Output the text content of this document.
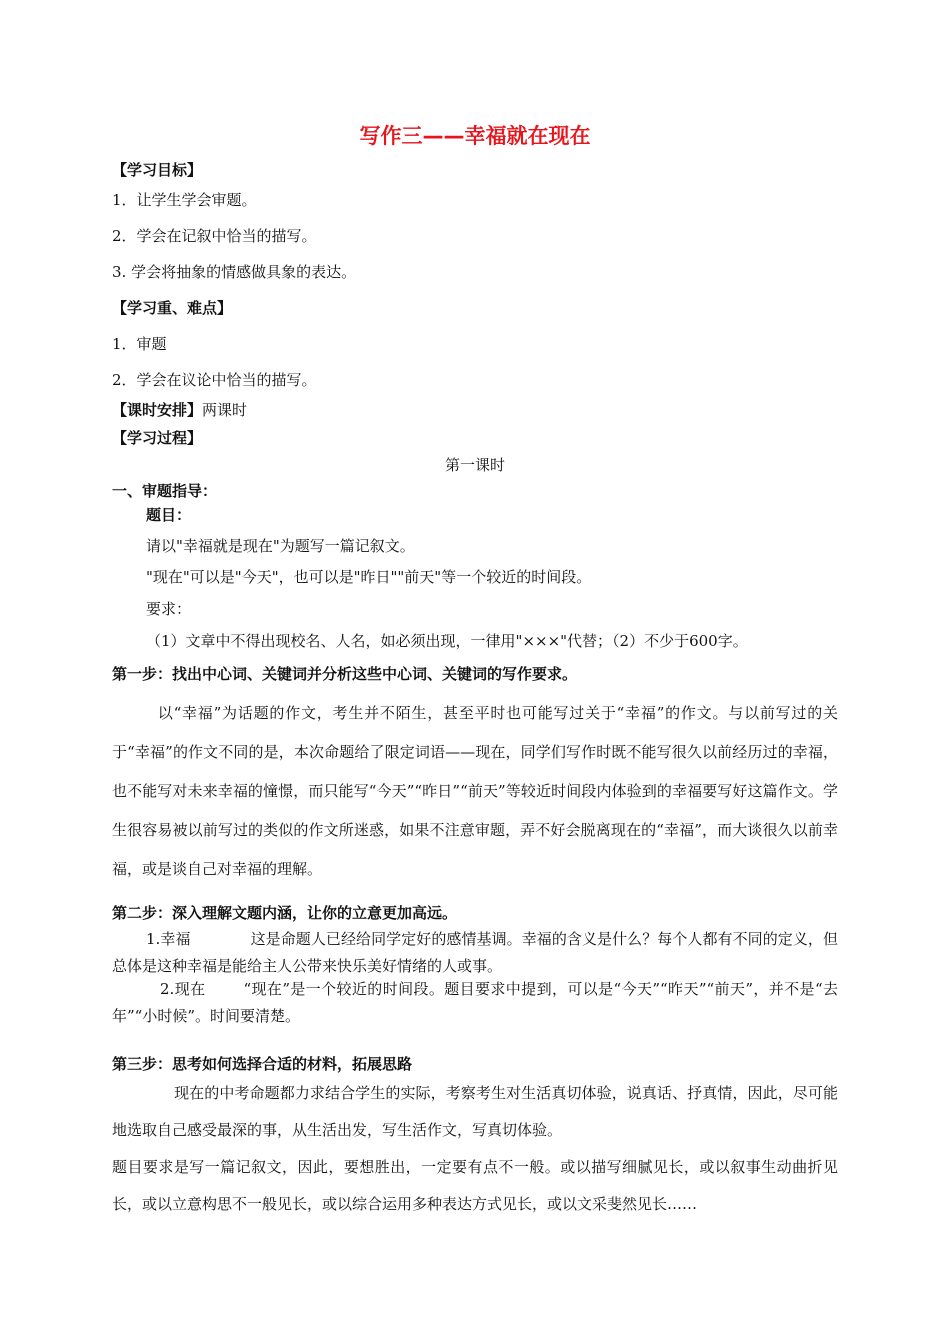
写作三——幸福就在现在
【学习目标】
1．让学生学会审题。
2．学会在记叙中恰当的描写。
3. 学会将抽象的情感做具象的表达。
【学习重、难点】
1．审题
2．学会在议论中恰当的描写。
【课时安排】两课时
【学习过程】
第一课时
一、审题指导：
题目：
请以"幸福就是现在"为题写一篇记叙文。
"现在"可以是"今天"，也可以是"昨日""前天"等一个较近的时间段。
要求：
（1）文章中不得出现校名、人名，如必须出现，一律用"×××"代替；（2）不少于600字。
第一步：找出中心词、关键词并分析这些中心词、关键词的写作要求。
以“幸福”为话题的作文，考生并不陌生，甚至平时也可能写过关于“幸福”的作文。与以前写过的关于“幸福”的作文不同的是，本次命题给了限定词语——现在，同学们写作时既不能写很久以前经历过的幸福，也不能写对未来幸福的憧憬，而只能写“今天”“昨日”“前天”等较近时间段内体验到的幸福要写好这篇作文。学生很容易被以前写过的类似的作文所迷惑，如果不注意审题，弄不好会脱离现在的“幸福”，而大谈很久以前幸福，或是谈自己对幸福的理解。
第二步：深入理解文题内涵，让你的立意更加高远。
1.幸福	这是命题人已经给同学定好的感情基调。幸福的含义是什么？每个人都有不同的定义，但总体是这种幸福是能给主人公带来快乐美好情绪的人或事。
2.现在	“现在”是一个较近的时间段。题目要求中提到，可以是“今天”“昨天”“前天”，并不是“去年”“小时候”。时间要清楚。
第三步：思考如何选择合适的材料，拓展思路
现在的中考命题都力求结合学生的实际，考察考生对生活真切体验，说真话、抒真情，因此，尽可能地选取自己感受最深的事，从生活出发，写生活作文，写真切体验。
题目要求是写一篇记叙文，因此，要想胜出，一定要有点不一般。或以描写细腻见长，或以叙事生动曲折见长，或以立意构思不一般见长，或以综合运用多种表达方式见长，或以文采斐然见长……
